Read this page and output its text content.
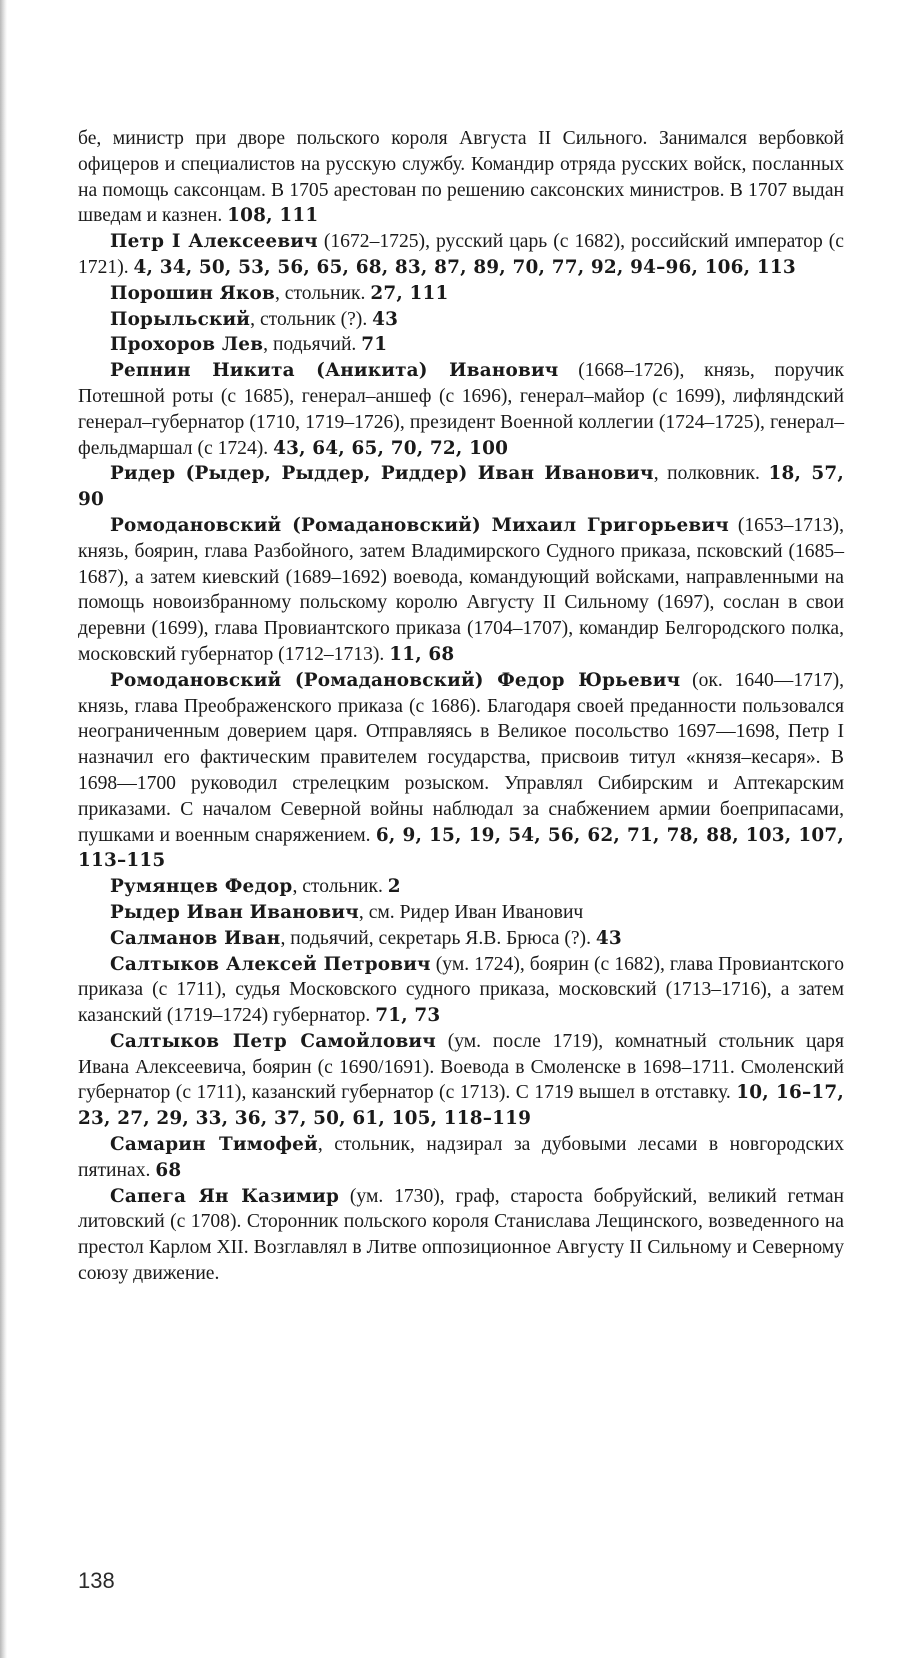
бе, министр при дворе польского короля Августа II Сильного. Занимался вербовкой офицеров и специалистов на русскую службу. Командир отряда русских войск, посланных на помощь саксонцам. В 1705 арестован по решению саксонских министров. В 1707 выдан шведам и казнен. 108, 111

Петр I Алексеевич (1672–1725), русский царь (с 1682), российский император (с 1721). 4, 34, 50, 53, 56, 65, 68, 83, 87, 89, 70, 77, 92, 94–96, 106, 113

Порошин Яков, стольник. 27, 111

Порыльский, стольник (?). 43

Прохоров Лев, подьячий. 71

Репнин Никита (Аникита) Иванович (1668–1726), князь, поручик Потешной роты (с 1685), генерал–аншеф (с 1696), генерал–майор (с 1699), лифляндский генерал–губернатор (1710, 1719–1726), президент Военной коллегии (1724–1725), генерал–фельдмаршал (с 1724). 43, 64, 65, 70, 72, 100

Ридер (Рыдер, Рыддер, Риддер) Иван Иванович, полковник. 18, 57, 90

Ромодановский (Ромадановский) Михаил Григорьевич (1653–1713), князь, боярин, глава Разбойного, затем Владимирского Судного приказа, псковский (1685–1687), а затем киевский (1689–1692) воевода, командующий войсками, направленными на помощь новоизбранному польскому королю Августу II Сильному (1697), сослан в свои деревни (1699), глава Провиантского приказа (1704–1707), командир Белгородского полка, московский губернатор (1712–1713). 11, 68

Ромодановский (Ромадановский) Федор Юрьевич (ок. 1640—1717), князь, глава Преображенского приказа (с 1686). Благодаря своей преданности пользовался неограниченным доверием царя. Отправляясь в Великое посольство 1697—1698, Петр I назначил его фактическим правителем государства, присвоив титул «князя–кесаря». В 1698—1700 руководил стрелецким розыском. Управлял Сибирским и Аптекарским приказами. С началом Северной войны наблюдал за снабжением армии боеприпасами, пушками и военным снаряжением. 6, 9, 15, 19, 54, 56, 62, 71, 78, 88, 103, 107, 113–115

Румянцев Федор, стольник. 2

Рыдер Иван Иванович, см. Ридер Иван Иванович

Салманов Иван, подьячий, секретарь Я.В. Брюса (?). 43

Салтыков Алексей Петрович (ум. 1724), боярин (с 1682), глава Провиантского приказа (с 1711), судья Московского судного приказа, московский (1713–1716), а затем казанский (1719–1724) губернатор. 71, 73

Салтыков Петр Самойлович (ум. после 1719), комнатный стольник царя Ивана Алексеевича, боярин (с 1690/1691). Воевода в Смоленске в 1698–1711. Смоленский губернатор (с 1711), казанский губернатор (с 1713). С 1719 вышел в отставку. 10, 16–17, 23, 27, 29, 33, 36, 37, 50, 61, 105, 118–119

Самарин Тимофей, стольник, надзирал за дубовыми лесами в новгородских пятинах. 68

Сапега Ян Казимир (ум. 1730), граф, староста бобруйский, великий гетман литовский (с 1708). Сторонник польского короля Станислава Лещинского, возведенного на престол Карлом XII. Возглавлял в Литве оппозиционное Августу II Сильному и Северному союзу движение.

138
